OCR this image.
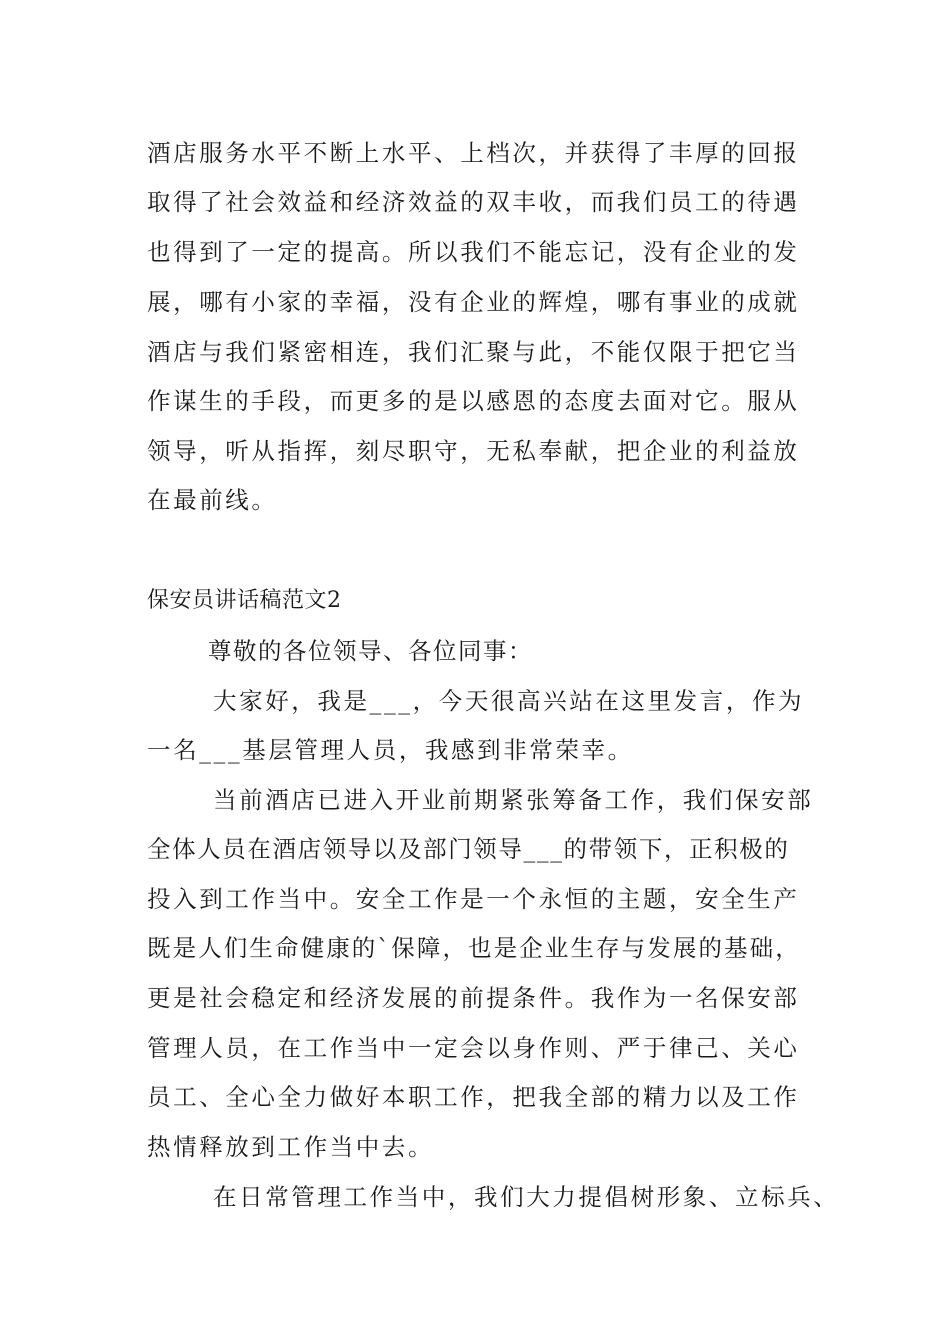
酒店服务水平不断上水平、上档次，并获得了丰厚的回报
取得了社会效益和经济效益的双丰收，而我们员工的待遇
也得到了一定的提高。所以我们不能忘记，没有企业的发
展，哪有小家的幸福，没有企业的辉煌，哪有事业的成就
酒店与我们紧密相连，我们汇聚与此，不能仅限于把它当
作谋生的手段，而更多的是以感恩的态度去面对它。服从
领导，听从指挥，刻尽职守，无私奉献，把企业的利益放
在最前线。
保安员讲话稿范文2
尊敬的各位领导、各位同事：
大家好，我是___，今天很高兴站在这里发言，作为
一名___基层管理人员，我感到非常荣幸。
当前酒店已进入开业前期紧张筹备工作，我们保安部
全体人员在酒店领导以及部门领导___的带领下，正积极的
投入到工作当中。安全工作是一个永恒的主题，安全生产
既是人们生命健康的`保障，也是企业生存与发展的基础，
更是社会稳定和经济发展的前提条件。我作为一名保安部
管理人员，在工作当中一定会以身作则、严于律己、关心
员工、全心全力做好本职工作，把我全部的精力以及工作
热情释放到工作当中去。
在日常管理工作当中，我们大力提倡树形象、立标兵、
